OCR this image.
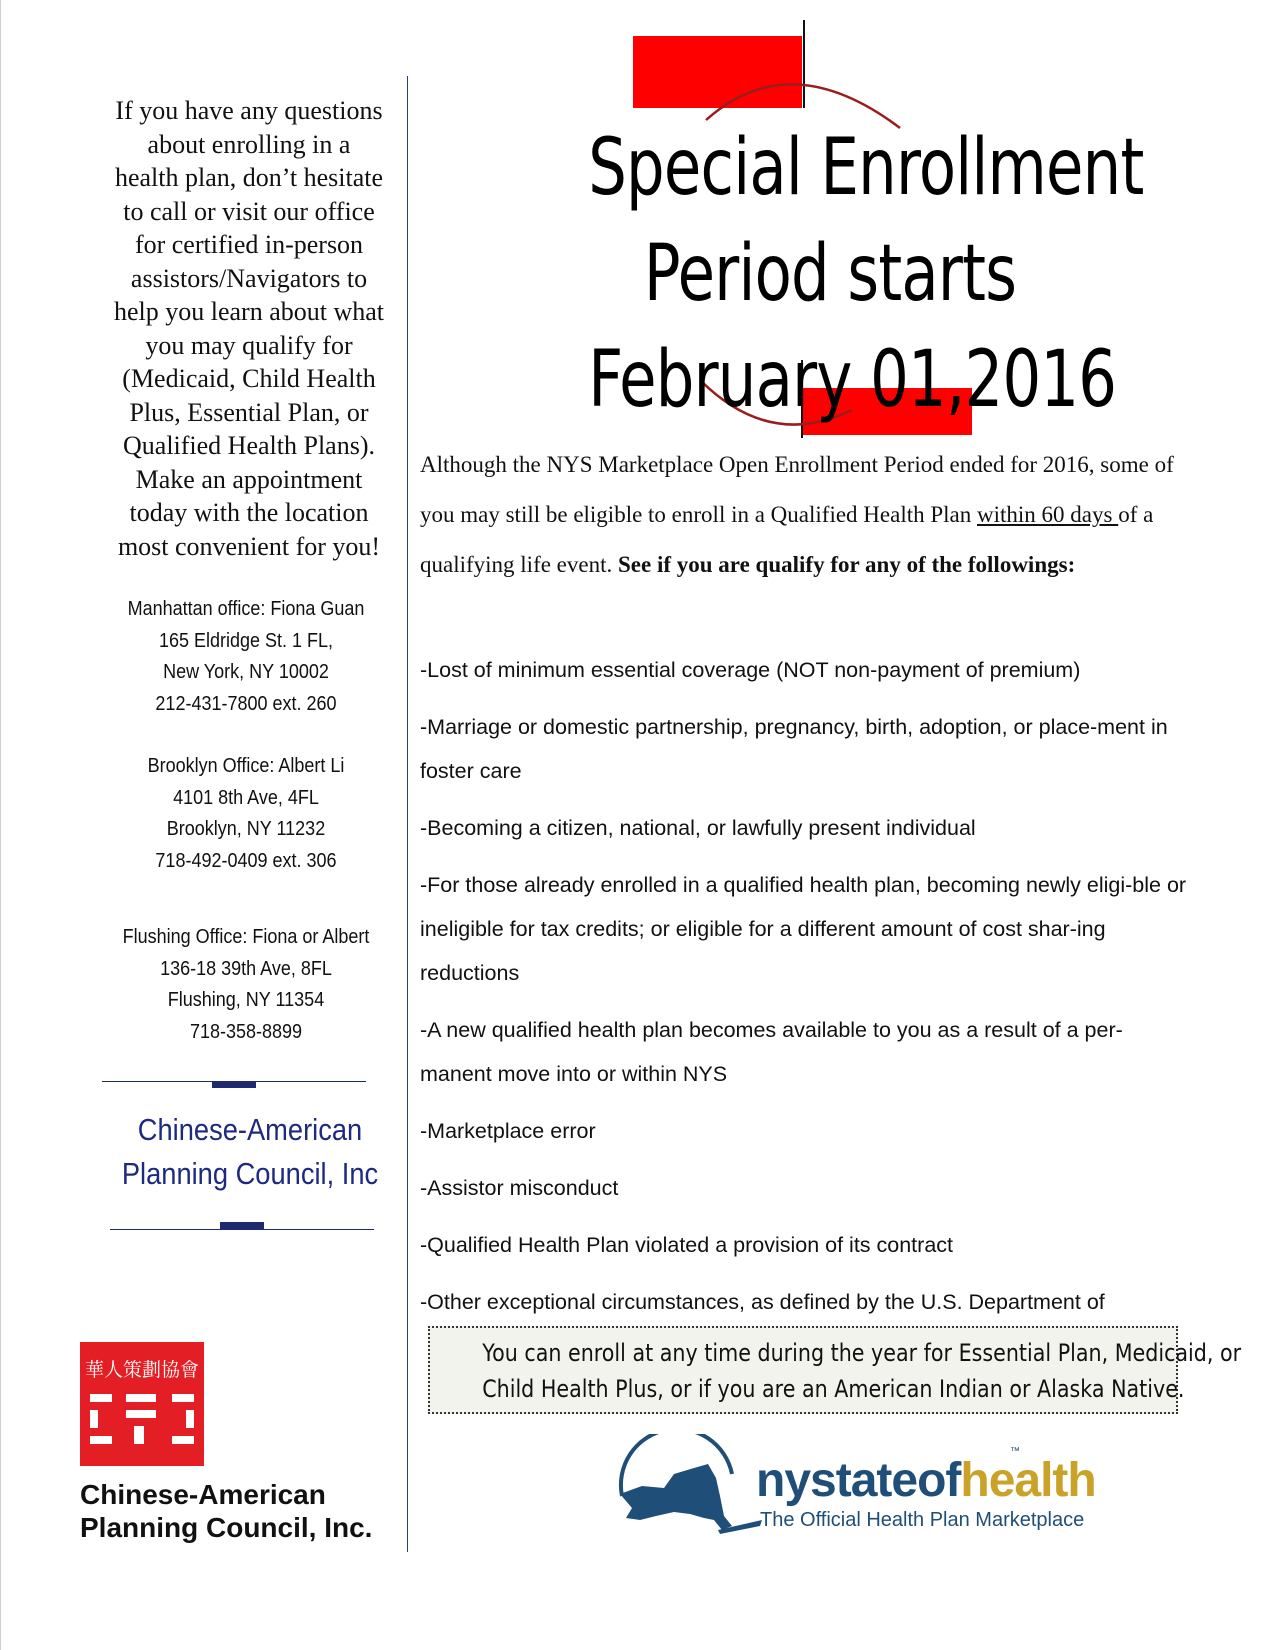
If you have any questions
about enrolling in a
health plan, don’t hesitate
to call or visit our office
for certified in-person
assistors/Navigators to
help you learn about what
you may qualify for
(Medicaid, Child Health
Plus, Essential Plan, or
Qualified Health Plans).
Make an appointment
today with the location
most convenient for you!
Manhattan office: Fiona Guan
165 Eldridge St. 1 FL,
New York, NY 10002
212-431-7800 ext. 260
Brooklyn Office: Albert Li
4101 8th Ave, 4FL
Brooklyn, NY 11232
718-492-0409 ext. 306
Flushing Office: Fiona or Albert
136-18 39th Ave, 8FL
Flushing, NY 11354
718-358-8899
Chinese-American
Planning Council, Inc
華人策劃協會
Chinese-American
Planning Council, Inc.
Special Enrollment
Period starts
February 01,2016
Although the NYS Marketplace Open Enrollment Period ended for 2016, some of you may still be eligible to enroll in a Qualified Health Plan within 60 days of a qualifying life event. See if you are qualify for any of the followings:
-Lost of minimum essential coverage (NOT non-payment of premium)
-Marriage or domestic partnership, pregnancy, birth, adoption, or place-ment in foster care
-Becoming a citizen, national, or lawfully present individual
-For those already enrolled in a qualified health plan, becoming newly eligi-ble or ineligible for tax credits; or eligible for a different amount of cost shar-ing reductions
-A new qualified health plan becomes available to you as a result of a per-manent move into or within NYS
-Marketplace error
-Assistor misconduct
-Qualified Health Plan violated a provision of its contract
-Other exceptional circumstances, as defined by the U.S. Department of
You can enroll at any time during the year for Essential Plan, Medicaid, or
Child Health Plus, or if you are an American Indian or Alaska Native.
™
nystateofhealth
The Official Health Plan Marketplace
